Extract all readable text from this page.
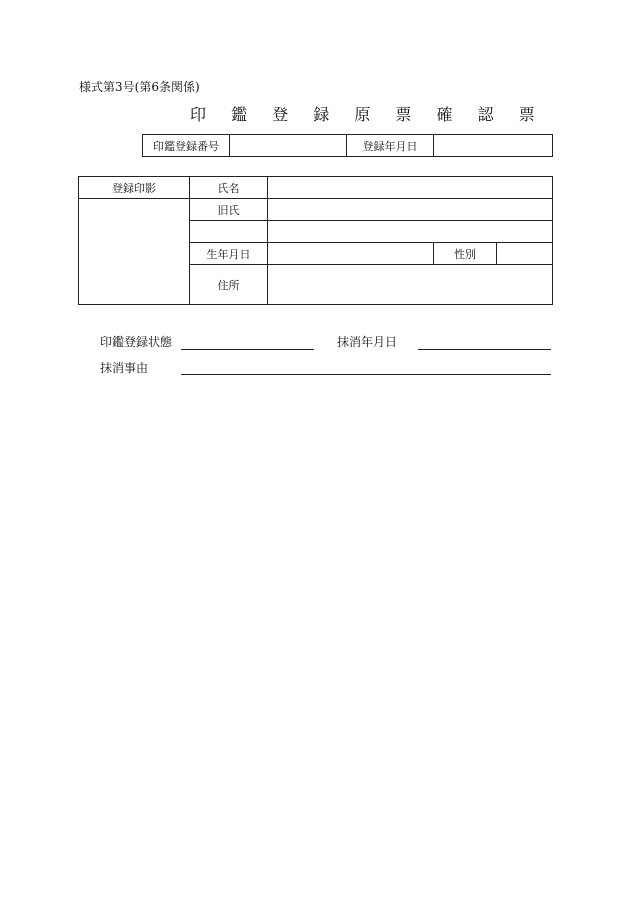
様式第3号(第6条関係)
印 鑑 登 録 原 票 確 認 票
印鑑登録番号		登録年月日	
登録印影	氏名			
	旧氏			

	生年月日		性別	
	住所			
印鑑登録状態	抹消年月日
抹消事由
